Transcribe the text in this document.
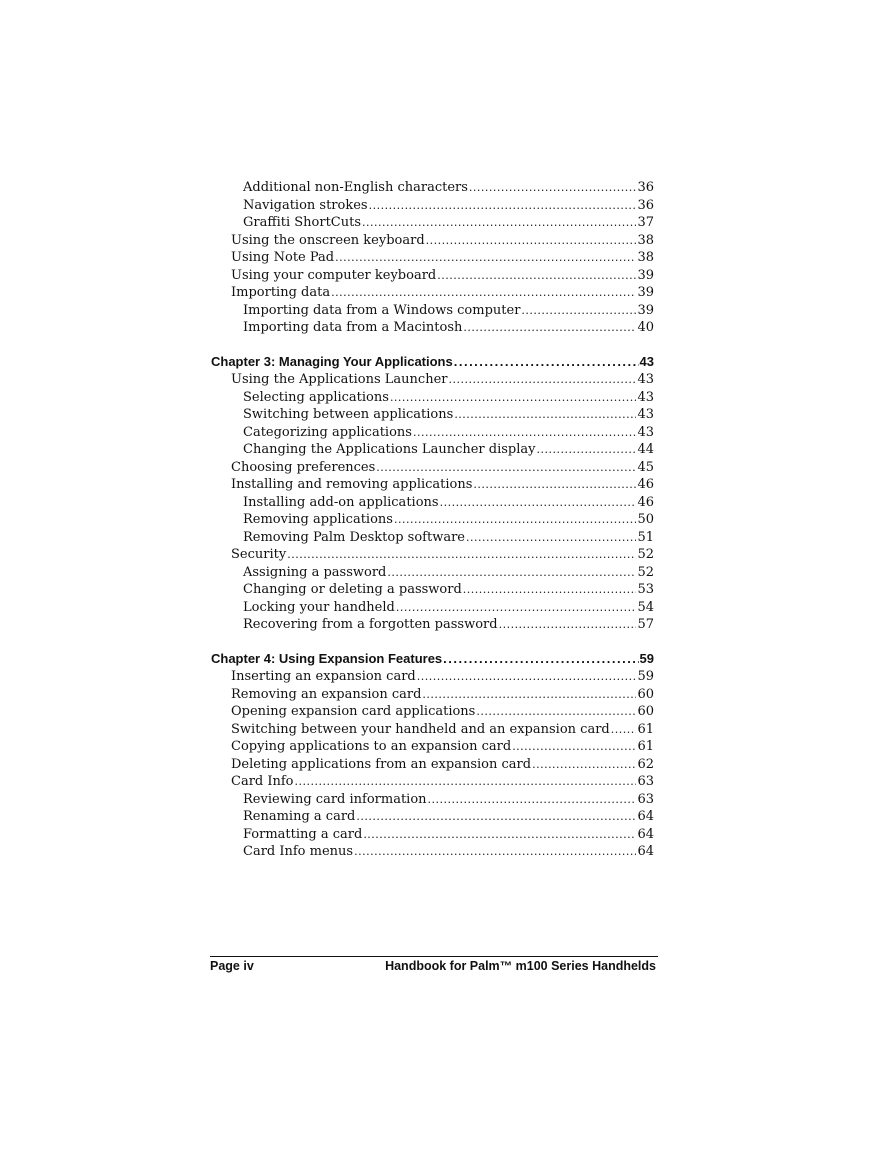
Additional non-English characters .....	36
Navigation strokes .....	36
Graffiti ShortCuts .....	37
Using the onscreen keyboard .....	38
Using Note Pad .....	38
Using your computer keyboard .....	39
Importing data .....	39
Importing data from a Windows computer .....	39
Importing data from a Macintosh .....	40
Chapter 3: Managing Your Applications .....	43
Using the Applications Launcher .....	43
Selecting applications .....	43
Switching between applications .....	43
Categorizing applications .....	43
Changing the Applications Launcher display .....	44
Choosing preferences .....	45
Installing and removing applications .....	46
Installing add-on applications .....	46
Removing applications .....	50
Removing Palm Desktop software .....	51
Security .....	52
Assigning a password .....	52
Changing or deleting a password .....	53
Locking your handheld .....	54
Recovering from a forgotten password .....	57
Chapter 4: Using Expansion Features .....	59
Inserting an expansion card .....	59
Removing an expansion card .....	60
Opening expansion card applications .....	60
Switching between your handheld and an expansion card ..... 61
Copying applications to an expansion card .....	61
Deleting applications from an expansion card .....	62
Card Info .....	63
Reviewing card information .....	63
Renaming a card .....	64
Formatting a card .....	64
Card Info menus .....	64
Page iv	Handbook for Palm™ m100 Series Handhelds
